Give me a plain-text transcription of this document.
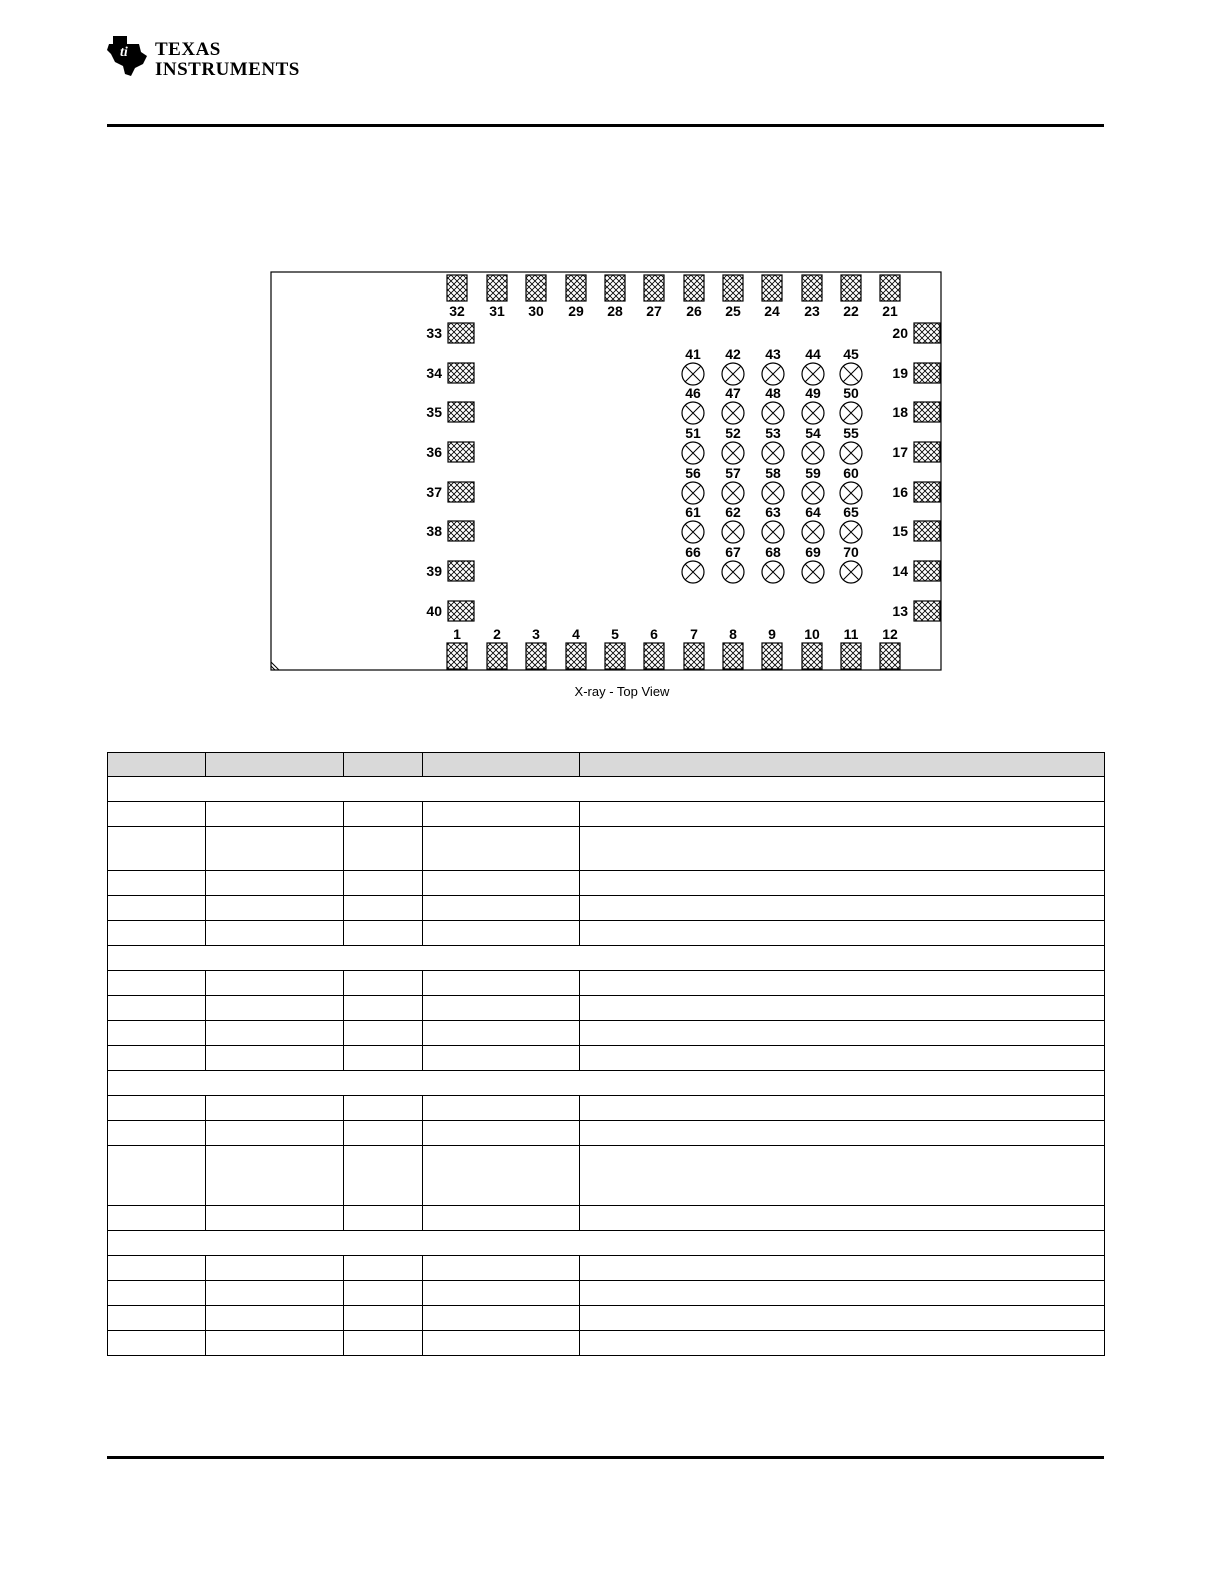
ti TEXAS
INSTRUMENTS
32 31 30 29 28 27 26 25 24 23 22 21
1 2 3 4 5 6 7 8 9 10 11 12
33
34
35
36
37
38
39
40
20
19
18
17
16
15
14
13
41 42 43 44 45
46 47 48 49 50
51 52 53 54 55
56 57 58 59 60
61 62 63 64 65
66 67 68 69 70
X-ray - Top View
